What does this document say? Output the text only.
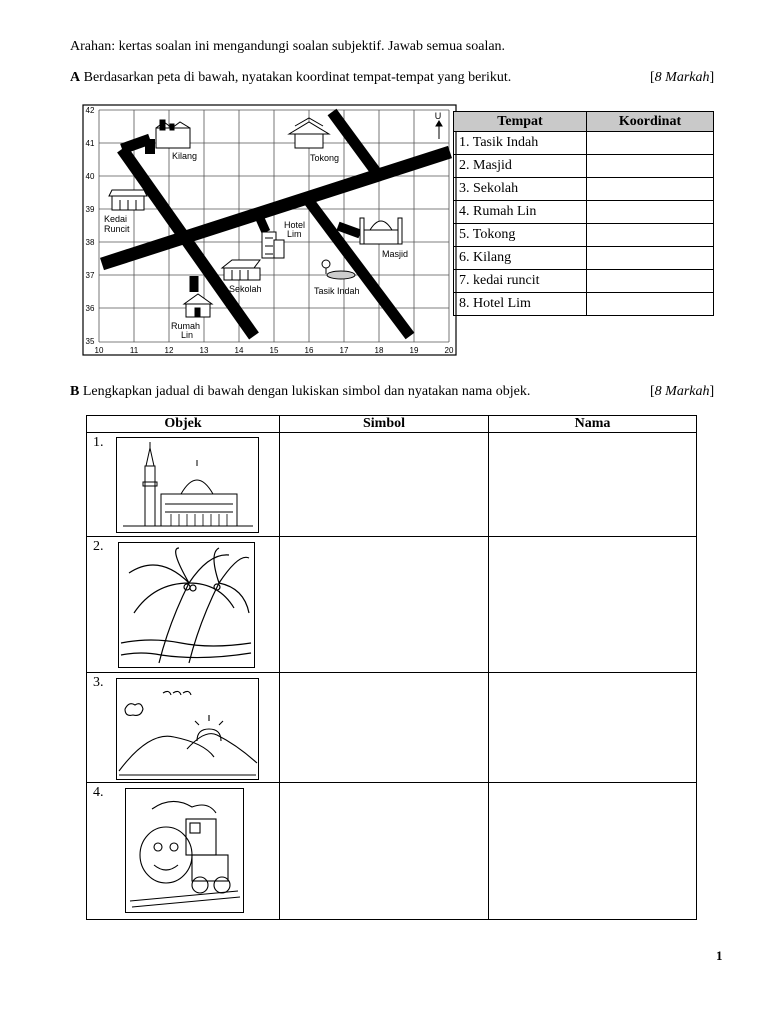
Arahan: kertas soalan ini mengandungi soalan subjektif. Jawab semua soalan.
A Berdasarkan peta di bawah, nyatakan koordinat tempat-tempat yang berikut.	[8 Markah]
U
Kilang	Tokong
Kedai
Runcit	Hotel
Lim
Masjid
Sekolah	Tasik Indah
Rumah
Lin
10	11	12	13	14	15	16	17	18	19	20
42
41
40
39
38
37
36
35
Tempat	Koordinat
1. Tasik Indah	
2. Masjid	
3. Sekolah	
4. Rumah Lin	
5. Tokong	
6. Kilang	
7. kedai runcit	
8. Hotel Lim	
B Lengkapkan jadual di bawah dengan lukiskan simbol dan nyatakan nama objek.	[8 Markah]
Objek	Simbol	Nama

1.		

2.		

3.		

4.		

1
